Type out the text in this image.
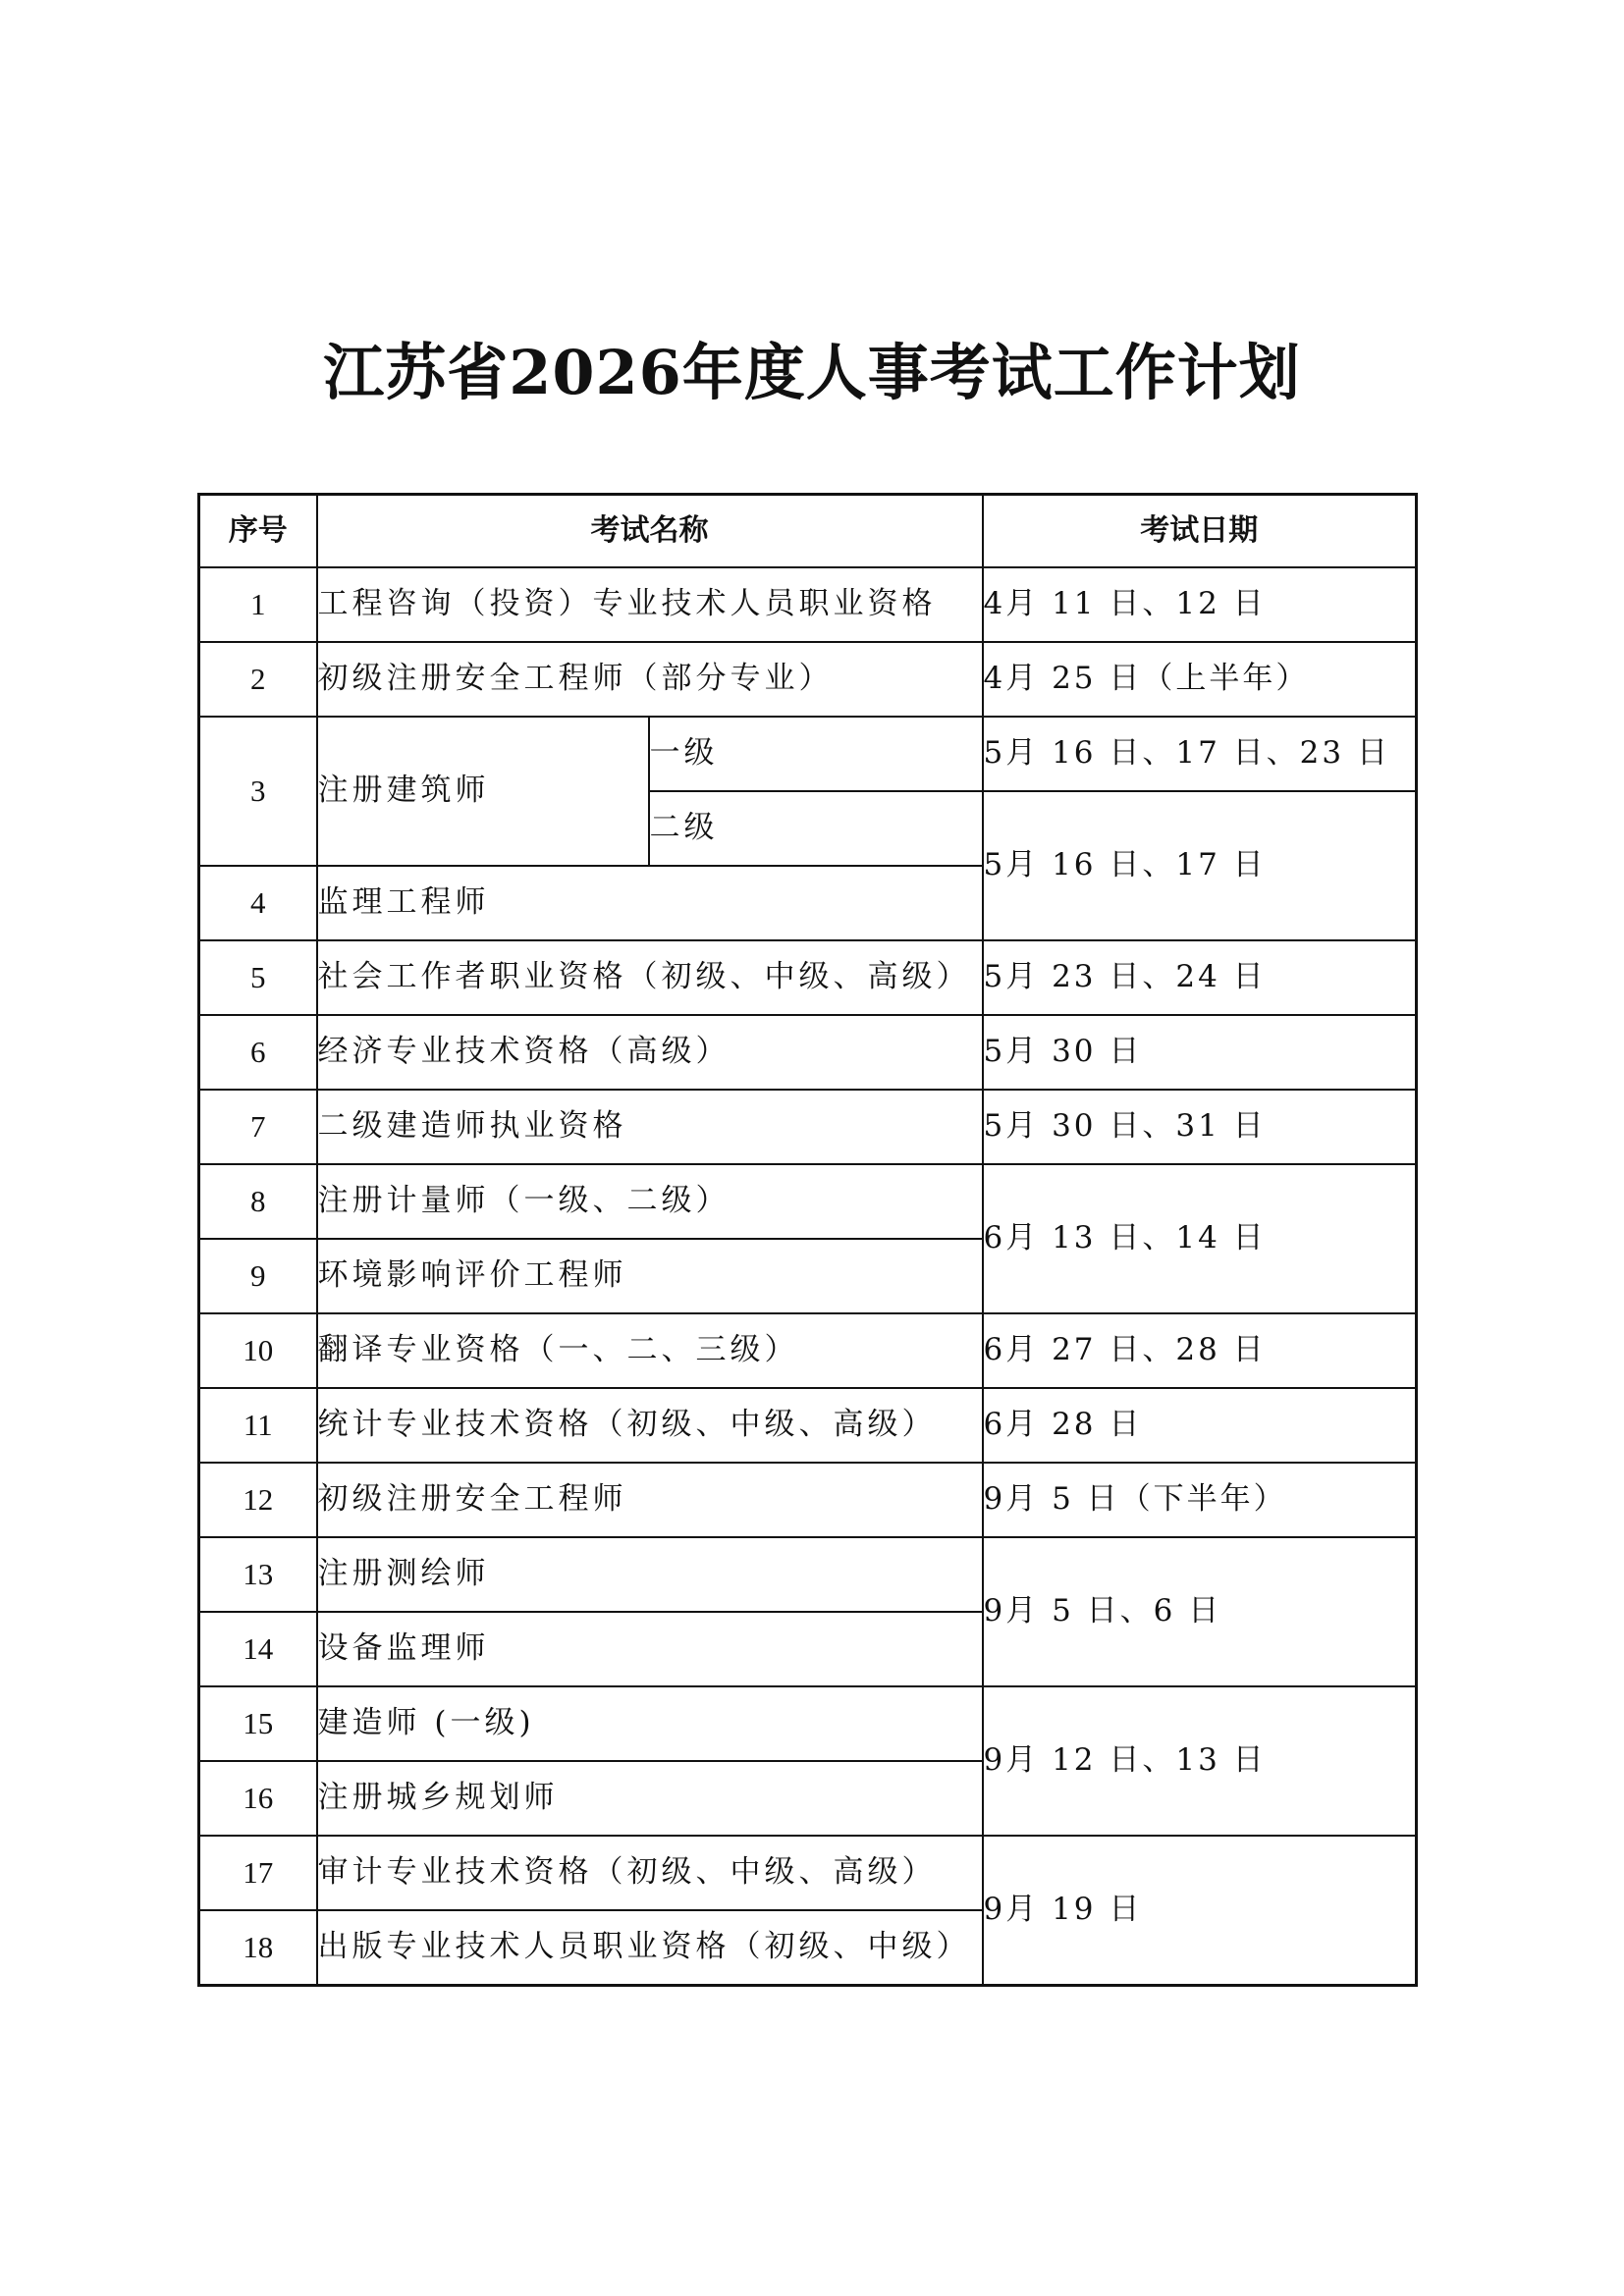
江苏省2026年度人事考试工作计划
序号	考试名称		考试日期
1	工程咨询（投资）专业技术人员职业资格		4月 11 日、12 日
2	初级注册安全工程师（部分专业）		4月 25 日（上半年）
3	注册建筑师	一级	5月 16 日、17 日、23 日
		二级	5月 16 日、17 日
4	监理工程师		
5	社会工作者职业资格（初级、中级、高级）		5月 23 日、24 日
6	经济专业技术资格（高级）		5月 30 日
7	二级建造师执业资格		5月 30 日、31 日
8	注册计量师（一级、二级）		6月 13 日、14 日
9	环境影响评价工程师		
10	翻译专业资格（一、二、三级）		6月 27 日、28 日
11	统计专业技术资格（初级、中级、高级）		6月 28 日
12	初级注册安全工程师		9月 5 日（下半年）
13	注册测绘师		9月 5 日、6 日
14	设备监理师		
15	建造师 (一级)		9月 12 日、13 日
16	注册城乡规划师		
17	审计专业技术资格（初级、中级、高级）		9月 19 日
18	出版专业技术人员职业资格（初级、中级）		
